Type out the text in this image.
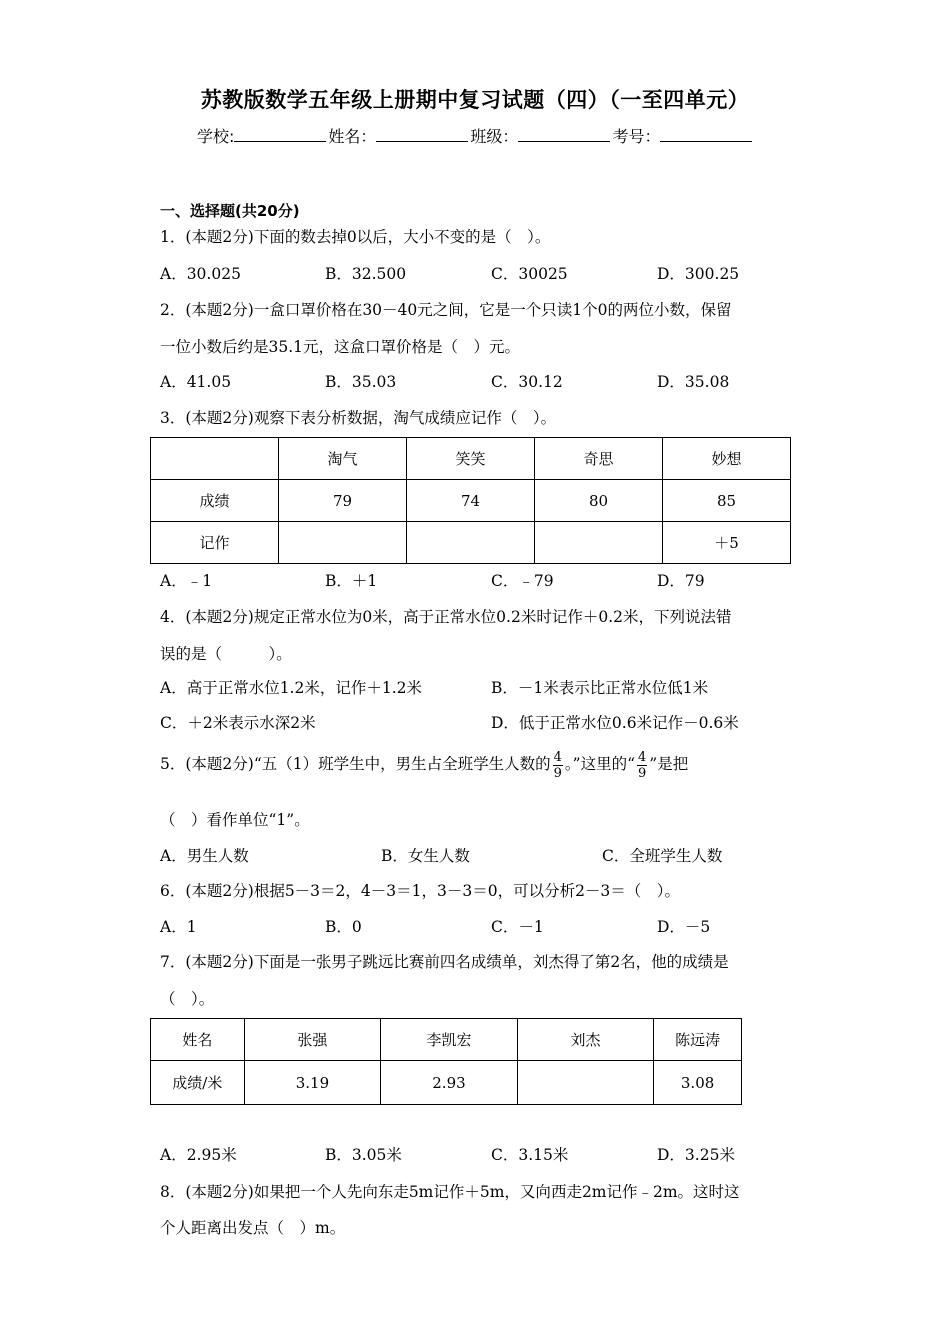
苏教版数学五年级上册期中复习试题（四）（一至四单元）
学校:	姓名：	班级：	考号：
一、选择题(共20分)
1．(本题2分)下面的数去掉0以后，大小不变的是（　）。
A．30.025	B．32.500	C．30025	D．300.25
2．(本题2分)一盒口罩价格在30－40元之间，它是一个只读1个0的两位小数，保留
一位小数后约是35.1元，这盒口罩价格是（　）元。
A．41.05	B．35.03	C．30.12	D．35.08
3．(本题2分)观察下表分析数据，淘气成绩应记作（　）。
	淘气	笑笑	奇思	妙想
成绩	79	74	80	85
记作				＋5
A．﹣1	B．＋1	C．﹣79	D．79
4．(本题2分)规定正常水位为0米，高于正常水位0.2米时记作＋0.2米，下列说法错
误的是（　　　）。
A．高于正常水位1.2米，记作＋1.2米	B．－1米表示比正常水位低1米
C．＋2米表示水深2米	D．低于正常水位0.6米记作－0.6米
5．(本题2分)“五（1）班学生中，男生占全班学生人数的 $\frac{4}{9}$ 。”这里的“ $\frac{4}{9}$ ”是把
（　）看作单位“1”。
A．男生人数	B．女生人数	C．全班学生人数
6．(本题2分)根据5－3＝2，4－3＝1，3－3＝0，可以分析2－3＝（　）。
A．1	B．0	C．－1	D．－5
7．(本题2分)下面是一张男子跳远比赛前四名成绩单，刘杰得了第2名，他的成绩是
（　）。
姓名	张强	李凯宏	刘杰	陈远涛
成绩/米	3.19	2.93		3.08
A．2.95米	B．3.05米	C．3.15米	D．3.25米
8．(本题2分)如果把一个人先向东走5m记作＋5m，又向西走2m记作﹣2m。这时这
个人距离出发点（　）m。
